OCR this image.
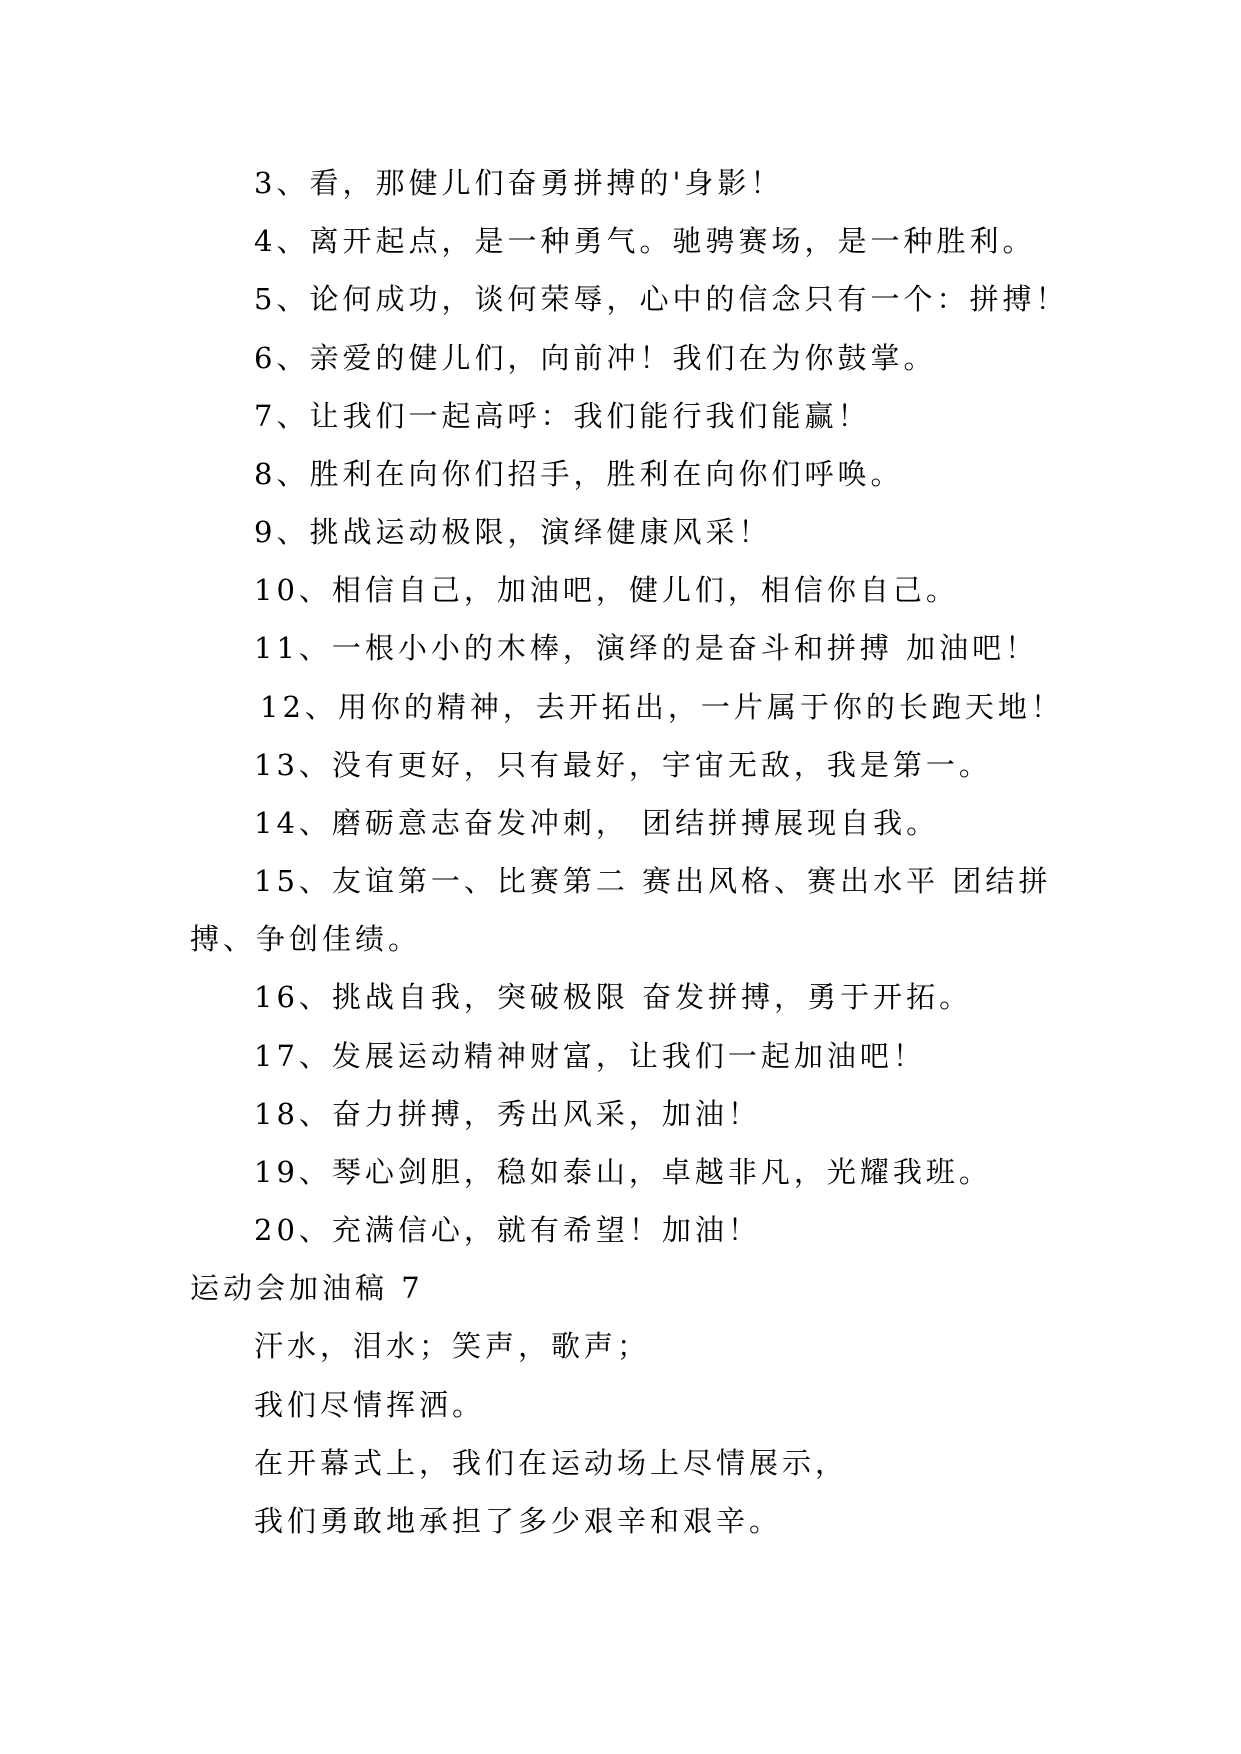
3、看，那健儿们奋勇拼搏的'身影！
4、离开起点，是一种勇气。驰骋赛场，是一种胜利。
5、论何成功，谈何荣辱，心中的信念只有一个：拼搏！
6、亲爱的健儿们，向前冲！我们在为你鼓掌。
7、让我们一起高呼：我们能行我们能赢！
8、胜利在向你们招手，胜利在向你们呼唤。
9、挑战运动极限，演绎健康风采！
10、相信自己，加油吧，健儿们，相信你自己。
11、一根小小的木棒，演绎的是奋斗和拼搏 加油吧！
12、用你的精神，去开拓出，一片属于你的长跑天地！
13、没有更好，只有最好，宇宙无敌，我是第一。
14、磨砺意志奋发冲刺， 团结拼搏展现自我。
15、友谊第一、比赛第二 赛出风格、赛出水平 团结拼
搏、争创佳绩。
16、挑战自我，突破极限 奋发拼搏，勇于开拓。
17、发展运动精神财富，让我们一起加油吧！
18、奋力拼搏，秀出风采，加油！
19、琴心剑胆，稳如泰山，卓越非凡，光耀我班。
20、充满信心，就有希望！加油！
运动会加油稿 7
汗水，泪水；笑声，歌声；
我们尽情挥洒。
在开幕式上，我们在运动场上尽情展示，
我们勇敢地承担了多少艰辛和艰辛。
